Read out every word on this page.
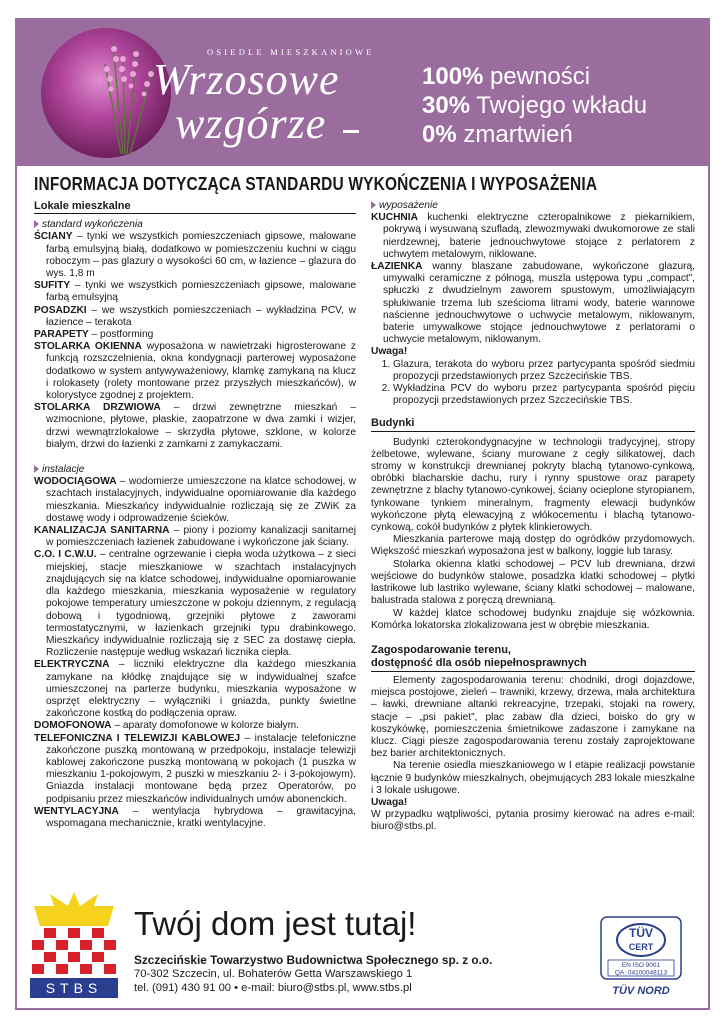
OSIEDLE MIESZKANIOWE
Wrzosowe
wzgórze
100% pewności
30% Twojego wkładu
0% zmartwień
INFORMACJA DOTYCZĄCA STANDARDU WYKOŃCZENIA I WYPOSAŻENIA
Lokale mieszkalne
standard wykończenia
ŚCIANY – tynki we wszystkich pomieszczeniach gipsowe, malowane farbą emulsyjną białą, dodatkowo w pomieszczeniu kuchni w ciągu roboczym – pas glazury o wysokości 60 cm, w łazience – glazura do wys. 1,8 m
SUFITY – tynki we wszystkich pomieszczeniach gipsowe, malowane farbą emulsyjną
POSADZKI – we wszystkich pomieszczeniach – wykładzina PCV, w łazience – terakota
PARAPETY – postforming
STOLARKA OKIENNA wyposażona w nawietrzaki higrosterowane z funkcją rozszczelnienia, okna kondygnacji parterowej wyposażone dodatkowo w system antywyważeniowy, klamkę zamykaną na klucz i rolokasety (rolety montowane przez przyszłych mieszkańców), w kolorystyce zgodnej z projektem.
STOLARKA DRZWIOWA – drzwi zewnętrzne mieszkań – wzmocnione, płytowe, płaskie, zaopatrzone w dwa zamki i wizjer, drzwi wewnątrzlokalowe – skrzydła płytowe, szklone, w kolorze białym, drzwi do łazienki z zamkami z zamykaczami.
instalacje
WODOCIĄGOWA – wodomierze umieszczone na klatce schodowej, w szachtach instalacyjnych, indywidualne opomiarowanie dla każdego mieszkania. Mieszkańcy indywidualnie rozliczają się ze ZWiK za dostawę wody i odprowadzenie ścieków.
KANALIZACJA SANITARNA – piony i poziomy kanalizacji sanitarnej w pomieszczeniach łazienek zabudowane i wykończone jak ściany.
C.O. I C.W.U. – centralne ogrzewanie i ciepła woda użytkowa – z sieci miejskiej, stacje mieszkaniowe w szachtach instalacyjnych znajdujących się na klatce schodowej, indywidualne opomiarowanie dla każdego mieszkania, mieszkania wyposażenie w regulatory pokojowe temperatury umieszczone w pokoju dziennym, z regulacją dobową i tygodniową, grzejniki płytowe z zaworami termostatycznymi, w łazienkach grzejniki typu drabinkowego. Mieszkańcy indywidualnie rozliczają się z SEC za dostawę ciepła. Rozliczenie następuje według wskazań licznika ciepła.
ELEKTRYCZNA – liczniki elektryczne dla każdego mieszkania zamykane na kłódkę znajdujące się w indywidualnej szafce umieszczonej na parterze budynku, mieszkania wyposażone w osprzęt elektryczny – wyłączniki i gniazda, punkty świetlne zakończone kostką do podłączenia opraw.
DOMOFONOWA – aparaty domofonowe w kolorze białym.
TELEFONICZNA I TELEWIZJI KABLOWEJ – instalacje telefoniczne zakończone puszką montowaną w przedpokoju, instalacje telewizji kablowej zakończone puszką montowaną w pokojach (1 puszka w mieszkaniu 1-pokojowym, 2 puszki w mieszkaniu 2- i 3-pokojowym). Gniazda instalacji montowane będą przez Operatorów, po podpisaniu przez mieszkańców individualnych umów abonenckich.
WENTYLACYJNA – wentylacja hybrydowa – grawitacyjna, wspomagana mechanicznie, kratki wentylacyjne.
wyposażenie
KUCHNIA kuchenki elektryczne czteropalnikowe z piekarnikiem, pokrywą i wysuwaną szufladą, zlewozmywaki dwukomorowe ze stali nierdzewnej, baterie jednouchwytowe stojące z perlatorem z uchwytem metalowym, niklowane.
ŁAZIENKA wanny blaszane zabudowane, wykończone glazurą, umywalki ceramiczne z półnogą, muszla ustępowa typu „compact”, spłuczki z dwudzielnym zaworem spustowym, umożliwiającym spłukiwanie trzema lub sześcioma litrami wody, baterie wannowe naścienne jednouchwytowe o uchwycie metalowym, niklowanym, baterie umywalkowe stojące jednouchwytowe z perlatorami o uchwycie metalowym, niklowanym.
Uwaga!
1. Glazura, terakota do wyboru przez partycypanta spośród siedmiu propozycji przedstawionych przez Szczecińskie TBS.
2. Wykładzina PCV do wyboru przez partycypanta spośród pięciu propozycji przedstawionych przez Szczecińskie TBS.
Budynki
Budynki czterokondygnacyjne w technologii tradycyjnej, stropy żelbetowe, wylewane, ściany murowane z cegły silikatowej, dach stromy w konstrukcji drewnianej pokryty blachą tytanowo-cynkową, obróbki blacharskie dachu, rury i rynny spustowe oraz parapety zewnętrzne z blachy tytanowo-cynkowej, ściany ocieplone styropianem, tynkowane tynkiem mineralnym, fragmenty elewacji budynków wykończone płytą elewacyjną z włókocementu i blachą tytanowo-cynkową, cokół budynków z płytek klinkierowych.
Mieszkania parterowe mają dostęp do ogródków przydomowych. Większość mieszkań wyposażona jest w balkony, loggie lub tarasy.
Stolarka okienna klatki schodowej – PCV lub drewniana, drzwi wejściowe do budynków stalowe, posadzka klatki schodowej – płytki lastrikowe lub lastriko wylewane, ściany klatki schodowej – malowane, balustrada stalowa z poręczą drewnianą.
W każdej klatce schodowej budynku znajduje się wózkownia. Komórka lokatorska zlokalizowana jest w obrębie mieszkania.
Zagospodarowanie terenu,
dostępność dla osób niepełnosprawnych
Elementy zagospodarowania terenu: chodniki, drogi dojazdowe, miejsca postojowe, zieleń – trawniki, krzewy, drzewa, mała architektura – ławki, drewniane altanki rekreacyjne, trzepaki, stojaki na rowery, stacje – „psi pakiet”, plac zabaw dla dzieci, boisko do gry w koszykówkę, pomieszczenia śmietnikowe zadaszone i zamykane na klucz. Ciągi piesze zagospodarowania terenu zostały zaprojektowane bez barier architektonicznych.
Na terenie osiedla mieszkaniowego w I etapie realizacji powstanie łącznie 9 budynków mieszkalnych, obejmujących 283 lokale mieszkalne i 3 lokale usługowe.
Uwaga!
W przypadku wątpliwości, pytania prosimy kierować na adres e-mail: biuro@stbs.pl.
STBS
Twój dom jest tutaj!
Szczecińskie Towarzystwo Budownictwa Społecznego sp. z o.o.
70-302 Szczecin, ul. Bohaterów Getta Warszawskiego 1
tel. (091) 430 91 00 • e-mail: biuro@stbs.pl, www.stbs.pl
TÜV
CERT
EN ISO 9001
QA: 04100048113
TÜV NORD
